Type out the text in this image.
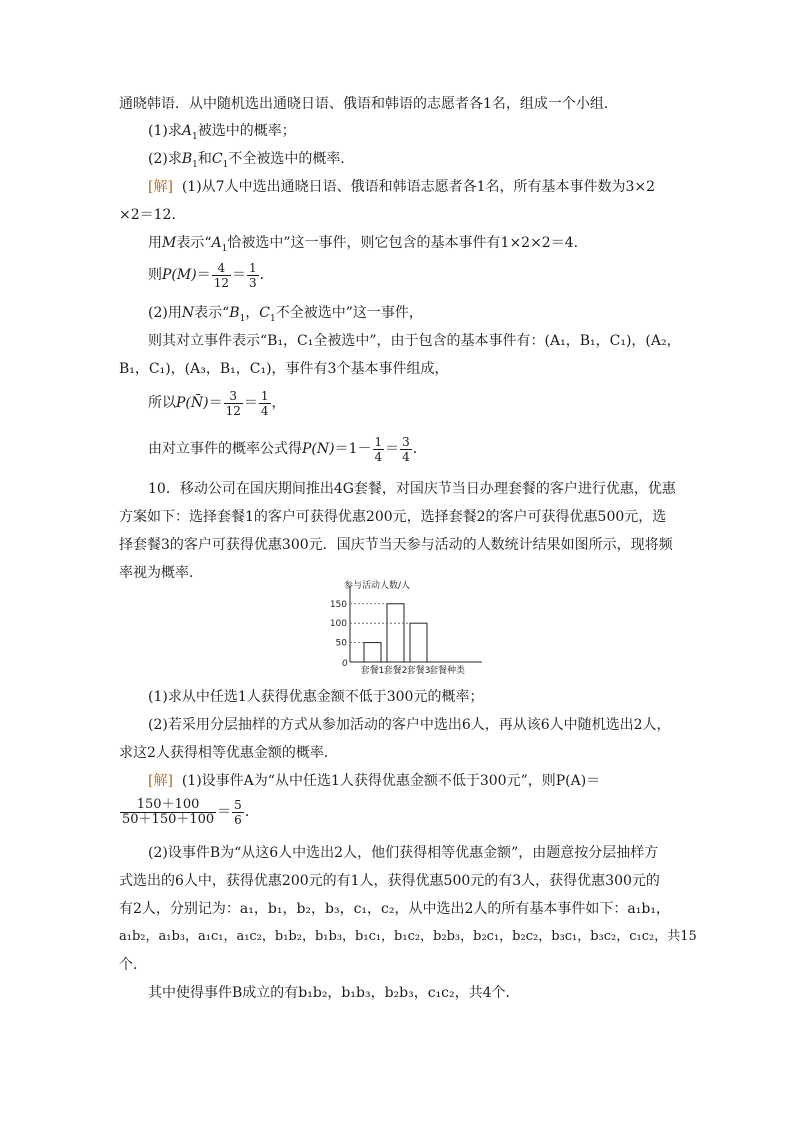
通晓韩语．从中随机选出通晓日语、俄语和韩语的志愿者各1名，组成一个小组．
(1)求$A_1$被选中的概率；
(2)求$B_1$和$C_1$不全被选中的概率．
[解] (1)从7人中选出通晓日语、俄语和韩语志愿者各1名，所有基本事件数为3×2
×2＝12．
用M表示“$A_1$恰被选中”这一事件，则它包含的基本事件有1×2×2＝4．
则$P(M)= \frac{4}{12} = \frac{1}{3}$ ．
(2)用N表示“$B_1$，$C_1$不全被选中”这一事件，
则其对立事件表示“B₁，C₁全被选中”，由于包含的基本事件有：(A₁，B₁，C₁)，(A₂，
B₁，C₁)，(A₃，B₁，C₁)，事件有3个基本事件组成，
所以P(N̄)＝ $\frac{3}{12} = \frac{1}{4}$ ，
由对立事件的概率公式得$P(N)=1- \frac{1}{4} = \frac{3}{4}$ ．
10．移动公司在国庆期间推出4G套餐，对国庆节当日办理套餐的客户进行优惠，优惠
方案如下：选择套餐1的客户可获得优惠200元，选择套餐2的客户可获得优惠500元，选
择套餐3的客户可获得优惠300元．国庆节当天参与活动的人数统计结果如图所示，现将频
率视为概率．
参与活动人数/人
0
50
100
150
套餐1 套餐2 套餐3
套餐种类
(1)求从中任选1人获得优惠金额不低于300元的概率；
(2)若采用分层抽样的方式从参加活动的客户中选出6人，再从该6人中随机选出2人，
求这2人获得相等优惠金额的概率．
[解] (1)设事件A为“从中任选1人获得优惠金额不低于300元”，则P(A)＝
$\frac{150+100}{50+150+100} = \frac{5}{6}$ ．
(2)设事件B为“从这6人中选出2人，他们获得相等优惠金额”，由题意按分层抽样方
式选出的6人中，获得优惠200元的有1人，获得优惠500元的有3人，获得优惠300元的
有2人，分别记为：a₁，b₁，b₂，b₃，c₁，c₂，从中选出2人的所有基本事件如下：a₁b₁，
a₁b₂，a₁b₃，a₁c₁，a₁c₂，b₁b₂，b₁b₃，b₁c₁，b₁c₂，b₂b₃，b₂c₁，b₂c₂，b₃c₁，b₃c₂，c₁c₂，共15
个．
其中使得事件B成立的有b₁b₂，b₁b₃，b₂b₃，c₁c₂，共4个．
